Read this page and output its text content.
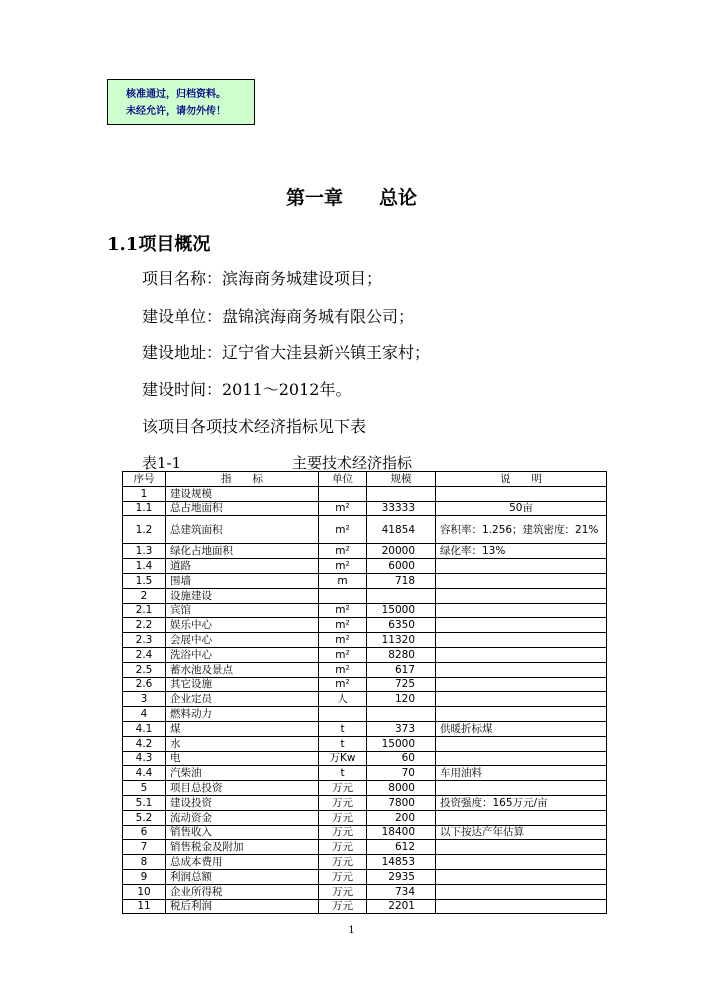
核准通过，归档资料。
未经允许，请勿外传！
第一章 总论
1.1项目概况
项目名称：滨海商务城建设项目；
建设单位：盘锦滨海商务城有限公司；
建设地址：辽宁省大洼县新兴镇王家村；
建设时间：2011～2012年。
该项目各项技术经济指标见下表
表1-1	主要技术经济指标
序号	指　　标	单位	规模	说　　明
1	建设规模			
1.1	总占地面积	m²	33333	50亩
1.2	总建筑面积	m²	41854	容积率：1.256；建筑密度：21%
1.3	绿化占地面积	m²	20000	绿化率：13%
1.4	道路	m²	6000	
1.5	围墙	m	718	
2	设施建设			
2.1	宾馆	m²	15000	
2.2	娱乐中心	m²	6350	
2.3	会展中心	m²	11320	
2.4	洗浴中心	m²	8280	
2.5	蓄水池及景点	m²	617	
2.6	其它设施	m²	725	
3	企业定员	人	120	
4	燃料动力			
4.1	煤	t	373	供暖折标煤
4.2	水	t	15000	
4.3	电	万Kw	60	
4.4	汽柴油	t	70	车用油料
5	项目总投资	万元	8000	
5.1	建设投资	万元	7800	投资强度：165万元/亩
5.2	流动资金	万元	200	
6	销售收入	万元	18400	以下按达产年估算
7	销售税金及附加	万元	612	
8	总成本费用	万元	14853	
9	利润总额	万元	2935	
10	企业所得税	万元	734	
11	税后利润	万元	2201	
1
